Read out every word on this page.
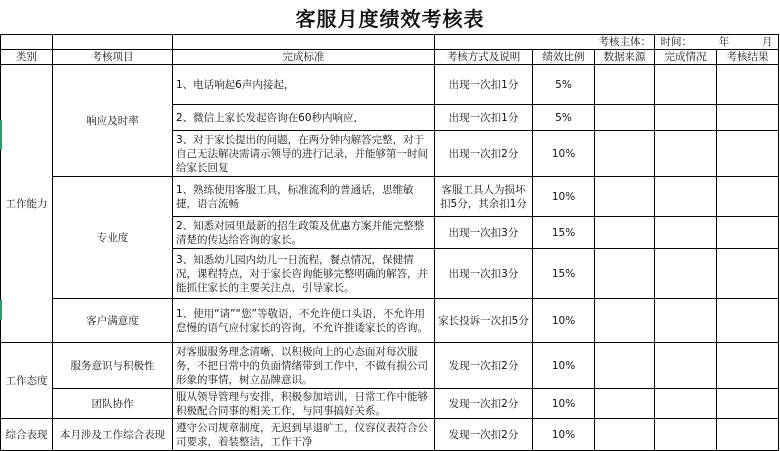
客服月度绩效考核表
				考核主体：		时间： 年 月	
类别	考核项目	完成标准	考核方式及说明	绩效比例	数据来源	完成情况	考核结果
工作能力	响应及时率	1、电话响起6声内接起，	出现一次扣1分	5%			
		2、微信上家长发起咨询在60秒内响应，	出现一次扣1分	5%			
		3、对于家长提出的问题，在两分钟内解答完整，对于自己无法解决需请示领导的进行记录，并能够第一时间给家长回复	出现一次扣2分	10%			
	专业度	1、熟练使用客服工具，标准流利的普通话，思维敏捷，语言流畅	客服工具人为损坏扣5分，其余扣1分	10%			
		2、知悉对园里最新的招生政策及优惠方案并能完整整清楚的传达给咨询的家长。	出现一次扣3分	15%			
		3、知悉幼儿园内幼儿一日流程，餐点情况，保健情况，课程特点，对于家长咨询能够完整明确的解答，并能抓住家长的主要关注点，引导家长。	出现一次扣3分	15%			
	客户满意度	1、使用“请”“您”等敬语，不允许使口头语，不允许用怠慢的语气应付家长的咨询，不允许推诿家长的咨询。	家长投诉一次扣5分	10%			
工作态度	服务意识与积极性	对客服服务理念清晰，以积极向上的心态面对每次服务，不把日常中的负面情绪带到工作中，不做有损公司形象的事情，树立品牌意识。	发现一次扣2分	10%			
	团队协作	服从领导管理与安排，积极参加培训，日常工作中能够积极配合同事的相关工作，与同事搞好关系。	发现一次扣2分	10%			
综合表现	本月涉及工作综合表现	遵守公司规章制度，无迟到早退旷工，仪容仪表符合公司要求，着装整洁，工作干净	发现一次扣2分	10%			
